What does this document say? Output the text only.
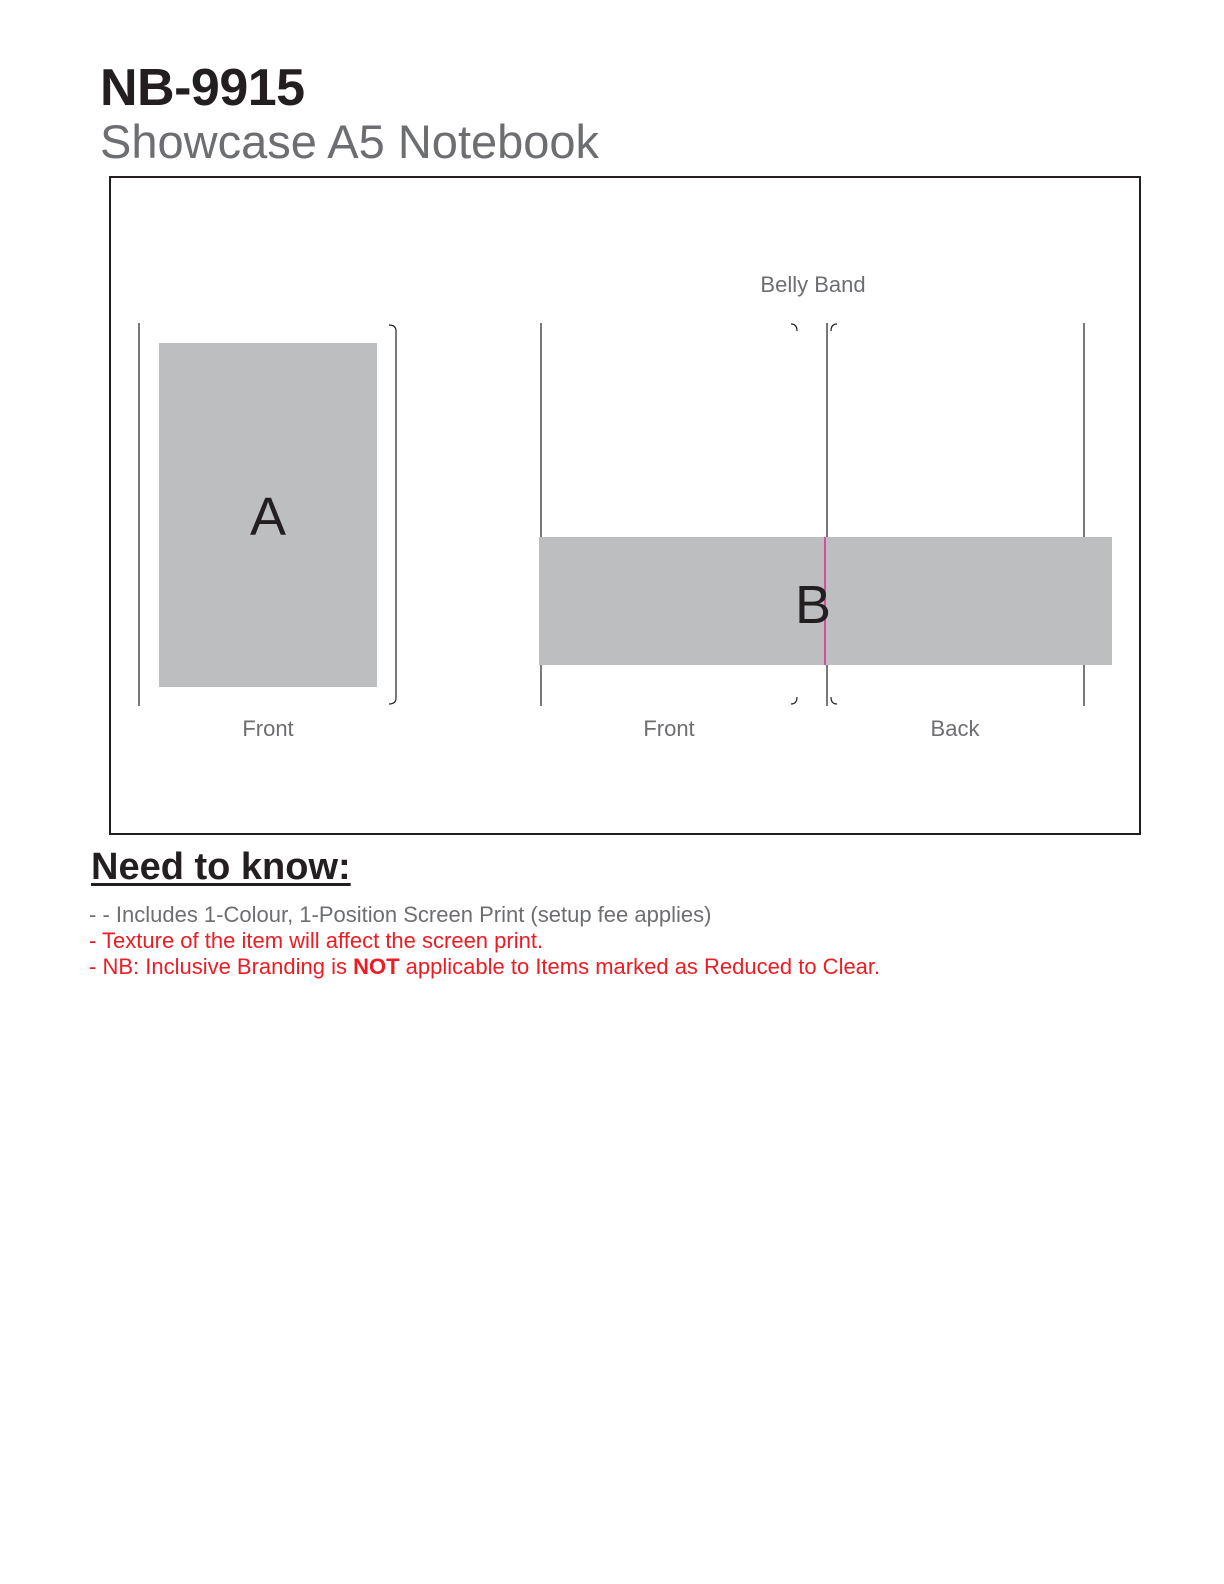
NB-9915
Showcase A5 Notebook
A
Front
Belly Band
B
Front	Back
Need to know:
- - Includes 1-Colour, 1-Position Screen Print (setup fee applies)
- Texture of the item will affect the screen print.
- NB: Inclusive Branding is NOT applicable to Items marked as Reduced to Clear.
